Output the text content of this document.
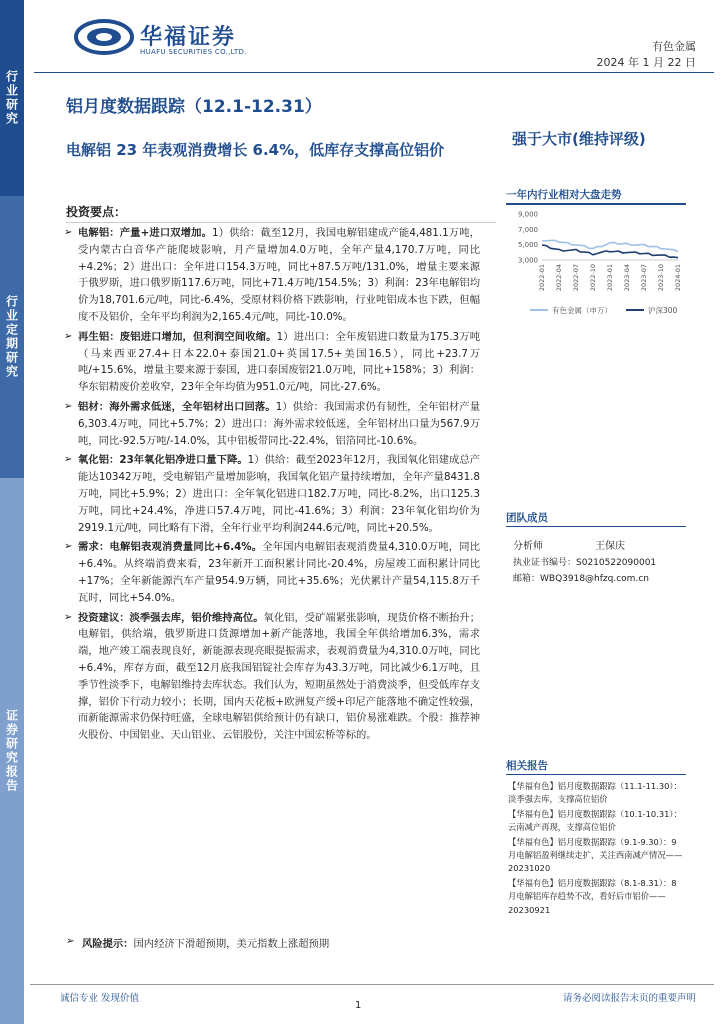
行业研究
行业定期研究
证券研究报告
华福证券
HUAFU SECURITIES CO.,LTD.	有色金属
2024 年 1 月 22 日
铝月度数据跟踪（12.1-12.31）
电解铝 23 年表观消费增长 6.4%，低库存支撑高位铝价
强于大市(维持评级)
投资要点：
➢ 电解铝：产量+进口双增加。1）供给：截至12月，我国电解铝建成产能4,481.1万吨，受内蒙古白音华产能爬坡影响，月产量增加4.0万吨，全年产量4,170.7万吨，同比+4.2%；2）进出口：全年进口154.3万吨，同比+87.5万吨/131.0%，增量主要来源于俄罗斯，进口俄罗斯117.6万吨，同比+71.4万吨/154.5%；3）利润：23年电解铝均价为18,701.6元/吨，同比-6.4%，受原材料价格下跌影响，行业吨铝成本也下跌，但幅度不及铝价，全年平均利润为2,165.4元/吨，同比-10.0%。
➢ 再生铝：废铝进口增加，但利润空间收缩。1）进出口：全年废铝进口数量为175.3万吨（马来西亚27.4+日本22.0+泰国21.0+英国17.5+美国16.5），同比+23.7万吨/+15.6%，增量主要来源于泰国，进口泰国废铝21.0万吨，同比+158%；3）利润：华东铝精废价差收窄，23年全年均值为951.0元/吨，同比-27.6%。
➢ 铝材：海外需求低迷，全年铝材出口回落。1）供给：我国需求仍有韧性，全年铝材产量6,303.4万吨，同比+5.7%；2）进出口：海外需求较低迷，全年铝材出口量为567.9万吨，同比-92.5万吨/-14.0%，其中铝板带同比-22.4%，铝箔同比-10.6%。
➢ 氧化铝：23年氧化铝净进口量下降。1）供给：截至2023年12月，我国氧化铝建成总产能达10342万吨，受电解铝产量增加影响，我国氧化铝产量持续增加，全年产量8431.8万吨，同比+5.9%；2）进出口：全年氧化铝进口182.7万吨，同比-8.2%，出口125.3万吨，同比+24.4%，净进口57.4万吨，同比-41.6%；3）利润：23年氧化铝均价为2919.1元/吨，同比略有下滑，全年行业平均利润244.6元/吨，同比+20.5%。
➢ 需求：电解铝表观消费量同比+6.4%。全年国内电解铝表观消费量4,310.0万吨，同比+6.4%。从终端消费来看，23年新开工面积累计同比-20.4%，房屋竣工面积累计同比+17%；全年新能源汽车产量954.9万辆，同比+35.6%；光伏累计产量54,115.8万千瓦时，同比+54.0%。
➢ 投资建议：淡季强去库，铝价维持高位。氧化铝，受矿端紧张影响，现货价格不断抬升；电解铝，供给端，俄罗斯进口货源增加+新产能落地，我国全年供给增加6.3%，需求端，地产竣工端表现良好，新能源表现亮眼提振需求，表观消费量为4,310.0万吨，同比+6.4%，库存方面，截至12月底我国铝锭社会库存为43.3万吨，同比减少6.1万吨，且季节性淡季下，电解铝维持去库状态。我们认为，短期虽然处于消费淡季，但受低库存支撑，铝价下行动力较小；长期，国内天花板+欧洲复产缓+印尼产能落地不确定性较强，而新能源需求仍保持旺盛，全球电解铝供给预计仍有缺口，铝价易涨难跌。个股：推荐神火股份、中国铝业、天山铝业、云铝股份，关注中国宏桥等标的。
➢ 风险提示：国内经济下滑超预期，美元指数上涨超预期
一年内行业相对大盘走势
9,000
7,000
5,000
3,000
2022-01 2022-04 2022-07 2022-10 2023-01 2023-04 2023-07 2023-10 2024-01
有色金属（申万）	沪深300
团队成员
分析师	王保庆
执业证书编号：S0210522090001
邮箱：WBQ3918@hfzq.com.cn
相关报告
【华福有色】铝月度数据跟踪（11.1-11.30）：淡季强去库，支撑高位铝价
【华福有色】铝月度数据跟踪（10.1-10.31）：云南减产再现，支撑高位铝价
【华福有色】铝月度数据跟踪（9.1-9.30）：9月电解铝盈利继续走扩，关注西南减产情况——20231020
【华福有色】铝月度数据跟踪（8.1-8.31）：8月电解铝库存趋势不改，看好后市铝价——20230921
诚信专业 发现价值	请务必阅读报告末页的重要声明
1
